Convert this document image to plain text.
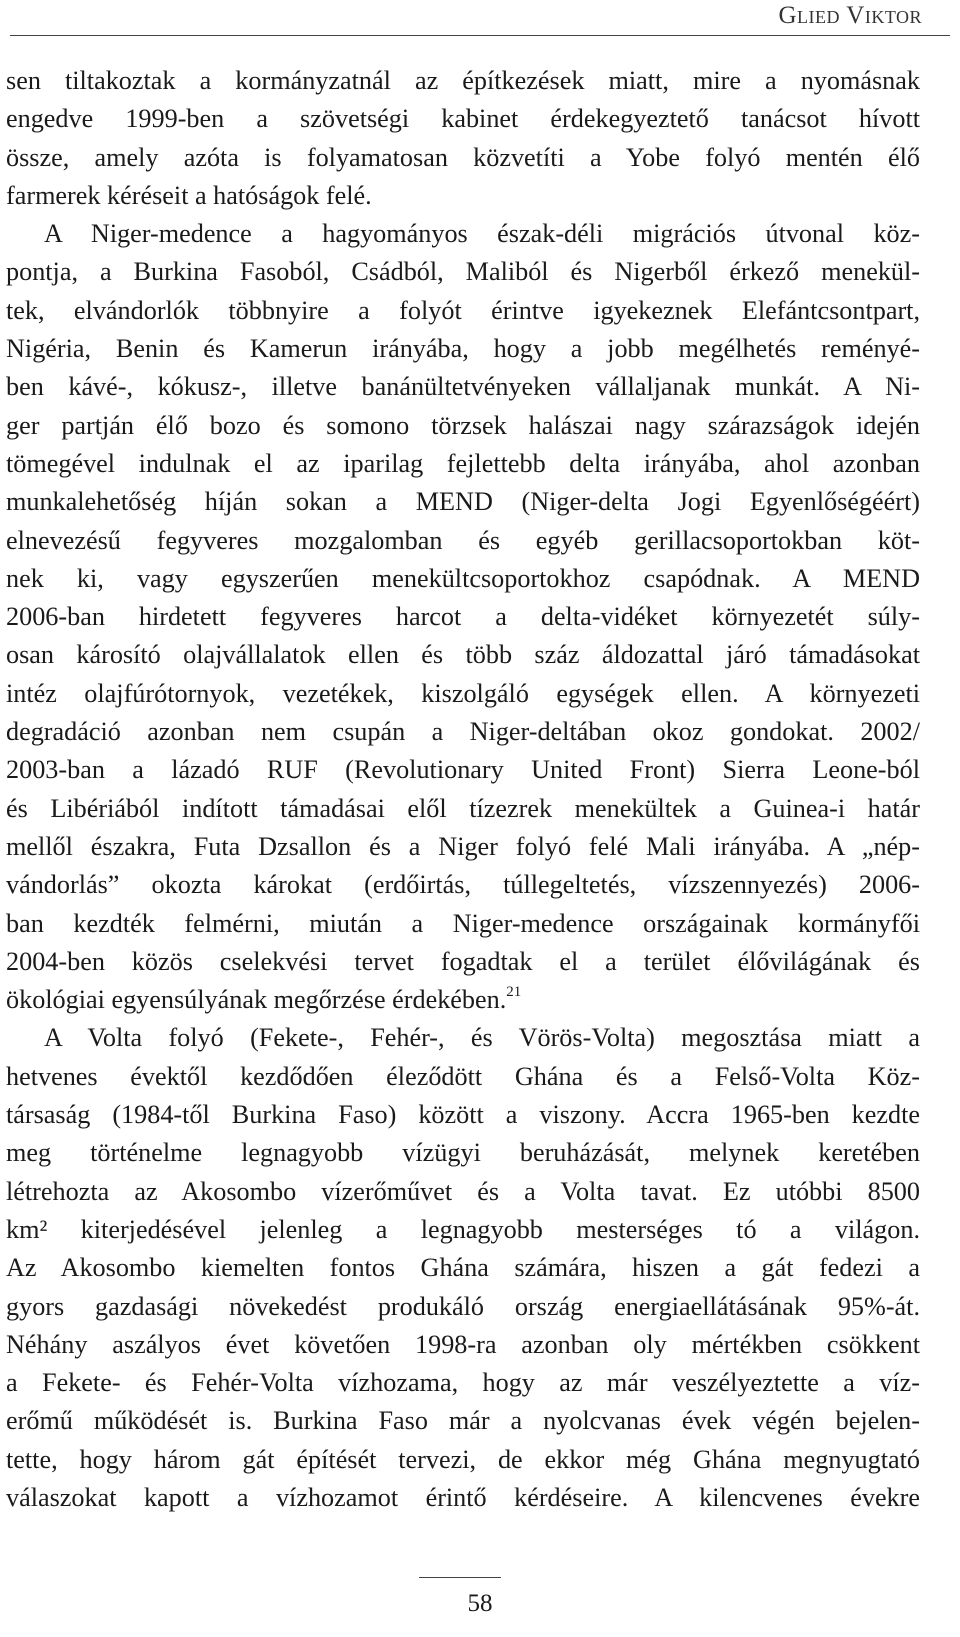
Glied Viktor
sen tiltakoztak a kormányzatnál az építkezések miatt, mire a nyomásnak
engedve 1999-ben a szövetségi kabinet érdekegyeztető tanácsot hívott
össze, amely azóta is folyamatosan közvetíti a Yobe folyó mentén élő
farmerek kéréseit a hatóságok felé.
A Niger-medence a hagyományos észak-déli migrációs útvonal köz-
pontja, a Burkina Fasoból, Csádból, Maliból és Nigerből érkező menekül-
tek, elvándorlók többnyire a folyót érintve igyekeznek Elefántcsontpart,
Nigéria, Benin és Kamerun irányába, hogy a jobb megélhetés reményé-
ben kávé-, kókusz-, illetve banánültetvényeken vállaljanak munkát. A Ni-
ger partján élő bozo és somono törzsek halászai nagy szárazságok idején
tömegével indulnak el az iparilag fejlettebb delta irányába, ahol azonban
munkalehetőség híján sokan a MEND (Niger-delta Jogi Egyenlőségéért)
elnevezésű fegyveres mozgalomban és egyéb gerillacsoportokban köt-
nek ki, vagy egyszerűen menekültcsoportokhoz csapódnak. A MEND
2006-ban hirdetett fegyveres harcot a delta-vidéket környezetét súly-
osan károsító olajvállalatok ellen és több száz áldozattal járó támadásokat
intéz olajfúrótornyok, vezetékek, kiszolgáló egységek ellen. A környezeti
degradáció azonban nem csupán a Niger-deltában okoz gondokat. 2002/
2003-ban a lázadó RUF (Revolutionary United Front) Sierra Leone-ból
és Libériából indított támadásai elől tízezrek menekültek a Guinea-i határ
mellől északra, Futa Dzsallon és a Niger folyó felé Mali irányába. A „nép-
vándorlás” okozta károkat (erdőirtás, túllegeltetés, vízszennyezés) 2006-
ban kezdték felmérni, miután a Niger-medence országainak kormányfői
2004-ben közös cselekvési tervet fogadtak el a terület élővilágának és
ökológiai egyensúlyának megőrzése érdekében.$^{21}$
A Volta folyó (Fekete-, Fehér-, és Vörös-Volta) megosztása miatt a
hetvenes évektől kezdődően éleződött Ghána és a Felső-Volta Köz-
társaság (1984-től Burkina Faso) között a viszony. Accra 1965-ben kezdte
meg történelme legnagyobb vízügyi beruházását, melynek keretében
létrehozta az Akosombo vízerőművet és a Volta tavat. Ez utóbbi 8500
km² kiterjedésével jelenleg a legnagyobb mesterséges tó a világon.
Az Akosombo kiemelten fontos Ghána számára, hiszen a gát fedezi a
gyors gazdasági növekedést produkáló ország energiaellátásának 95%-át.
Néhány aszályos évet követően 1998-ra azonban oly mértékben csökkent
a Fekete- és Fehér-Volta vízhozama, hogy az már veszélyeztette a víz-
erőmű működését is. Burkina Faso már a nyolcvanas évek végén bejelen-
tette, hogy három gát építését tervezi, de ekkor még Ghána megnyugtató
válaszokat kapott a vízhozamot érintő kérdéseire. A kilencvenes évekre
58
